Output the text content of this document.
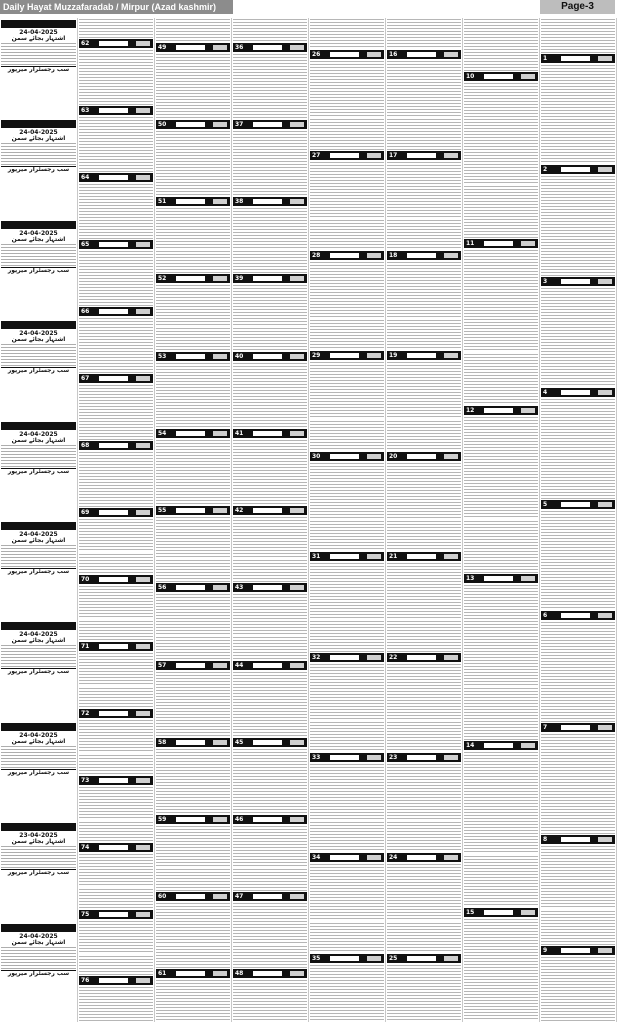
Daily Hayat Muzzafaradab / Mirpur (Azad kashmir)	Page-3
24-04-2025
اشتہار بجائے سمن
سب رجسٹرار میرپور
24-04-2025
اشتہار بجائے سمن
سب رجسٹرار میرپور
24-04-2025
اشتہار بجائے سمن
سب رجسٹرار میرپور
24-04-2025
اشتہار بجائے سمن
سب رجسٹرار میرپور
24-04-2025
اشتہار بجائے سمن
سب رجسٹرار میرپور
24-04-2025
اشتہار بجائے سمن
سب رجسٹرار میرپور
24-04-2025
اشتہار بجائے سمن
سب رجسٹرار میرپور
24-04-2025
اشتہار بجائے سمن
سب رجسٹرار میرپور
23-04-2025
اشتہار بجائے سمن
سب رجسٹرار میرپور
24-04-2025
اشتہار بجائے سمن
سب رجسٹرار میرپور
62
63
64
65
66
67
68
69
70
71
72
73
74
75
76
49
50
51
52
53
54
55
56
57
58
59
60
61
36
37
38
39
40
41
42
43
44
45
46
47
48
26
27
28
29
30
31
32
33
34
35
16
17
18
19
20
21
22
23
24
25
10
11
12
13
14
15
1
2
3
4
5
6
7
8
9
